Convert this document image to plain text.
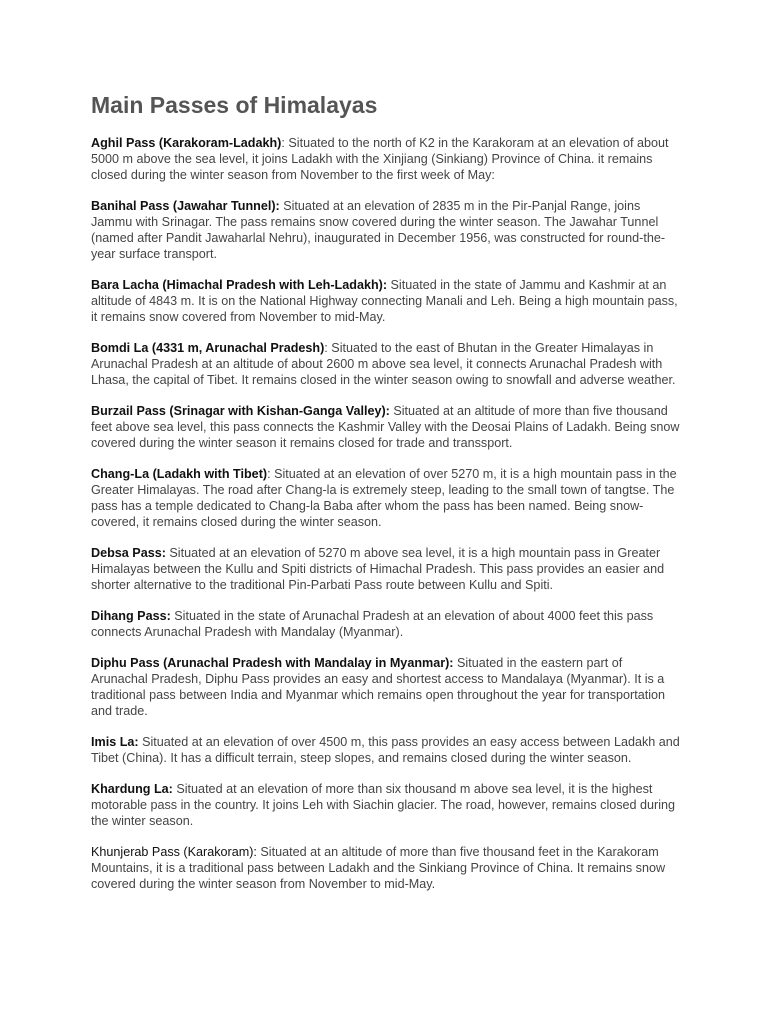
Main Passes of Himalayas

Aghil Pass (Karakoram-Ladakh): Situated to the north of K2 in the Karakoram at an elevation of about 5000 m above the sea level, it joins Ladakh with the Xinjiang (Sinkiang) Province of China. it remains closed during the winter season from November to the first week of May:

Banihal Pass (Jawahar Tunnel): Situated at an elevation of 2835 m in the Pir-Panjal Range, joins Jammu with Srinagar. The pass remains snow covered during the winter season. The Jawahar Tunnel (named after Pandit Jawaharlal Nehru), inaugurated in December 1956, was constructed for round-the-year surface transport.

Bara Lacha (Himachal Pradesh with Leh-Ladakh): Situated in the state of Jammu and Kashmir at an altitude of 4843 m. It is on the National Highway connecting Manali and Leh. Being a high mountain pass, it remains snow covered from November to mid-May.

Bomdi La (4331 m, Arunachal Pradesh): Situated to the east of Bhutan in the Greater Himalayas in Arunachal Pradesh at an altitude of about 2600 m above sea level, it connects Arunachal Pradesh with Lhasa, the capital of Tibet. It remains closed in the winter season owing to snowfall and adverse weather.

Burzail Pass (Srinagar with Kishan-Ganga Valley): Situated at an altitude of more than five thousand feet above sea level, this pass connects the Kashmir Valley with the Deosai Plains of Ladakh. Being snow covered during the winter season it remains closed for trade and transsport.

Chang-La (Ladakh with Tibet): Situated at an elevation of over 5270 m, it is a high mountain pass in the Greater Himalayas. The road after Chang-la is extremely steep, leading to the small town of tangtse. The pass has a temple dedicated to Chang-la Baba after whom the pass has been named. Being snow-covered, it remains closed during the winter season.

Debsa Pass: Situated at an elevation of 5270 m above sea level, it is a high mountain pass in Greater Himalayas between the Kullu and Spiti districts of Himachal Pradesh. This pass provides an easier and shorter alternative to the traditional Pin-Parbati Pass route between Kullu and Spiti.

Dihang Pass: Situated in the state of Arunachal Pradesh at an elevation of about 4000 feet this pass connects Arunachal Pradesh with Mandalay (Myanmar).

Diphu Pass (Arunachal Pradesh with Mandalay in Myanmar): Situated in the eastern part of Arunachal Pradesh, Diphu Pass provides an easy and shortest access to Mandalaya (Myanmar). It is a traditional pass between India and Myanmar which remains open throughout the year for transportation and trade.

Imis La: Situated at an elevation of over 4500 m, this pass provides an easy access between Ladakh and Tibet (China). It has a difficult terrain, steep slopes, and remains closed during the winter season.

Khardung La: Situated at an elevation of more than six thousand m above sea level, it is the highest motorable pass in the country. It joins Leh with Siachin glacier. The road, however, remains closed during the winter season.

Khunjerab Pass (Karakoram): Situated at an altitude of more than five thousand feet in the Karakoram Mountains, it is a traditional pass between Ladakh and the Sinkiang Province of China. It remains snow covered during the winter season from November to mid-May.
